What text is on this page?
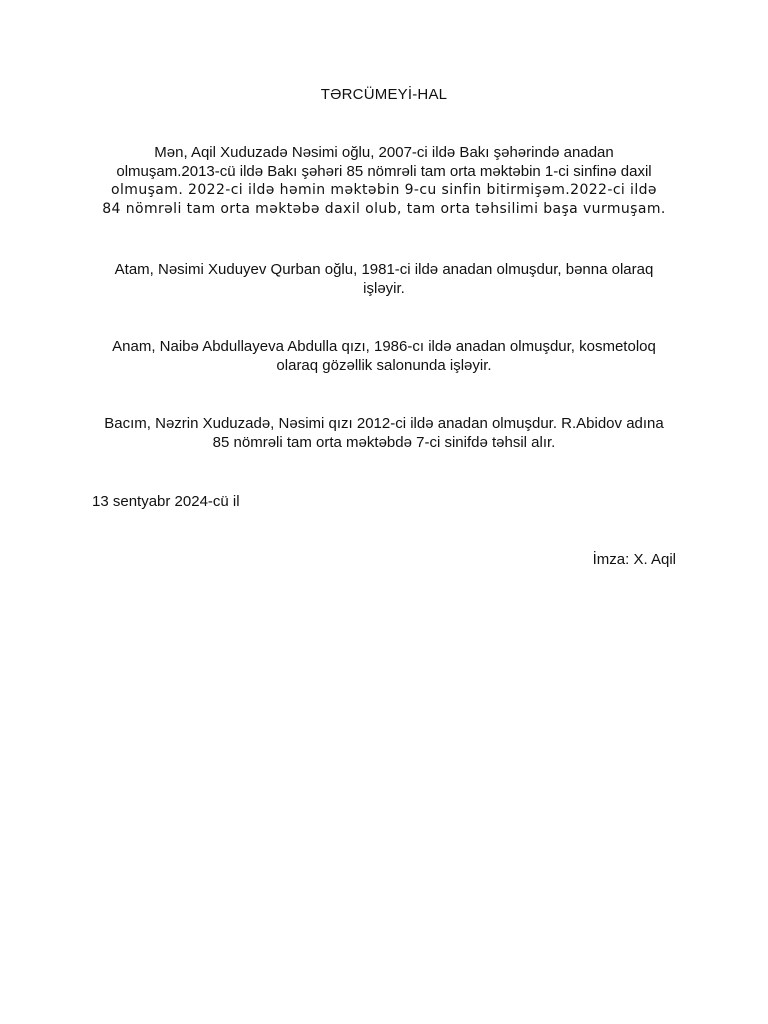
TƏRCÜMEYİ-HAL

Mən, Aqil Xuduzadə Nəsimi oğlu, 2007-ci ildə Bakı şəhərində anadan
olmuşam.2013-cü ildə Bakı şəhəri 85 nömrəli tam orta məktəbin 1-ci sinfinə daxil
olmuşam. 2022-ci ildə həmin məktəbin 9-cu sinfin bitirmişəm.2022-ci ildə
84 nömrəli tam orta məktəbə daxil olub, tam orta təhsilimi başa vurmuşam.

Atam, Nəsimi Xuduyev Qurban oğlu, 1981-ci ildə anadan olmuşdur, bənna olaraq
işləyir.

Anam, Naibə Abdullayeva Abdulla qızı, 1986-cı ildə anadan olmuşdur, kosmetoloq
olaraq gözəllik salonunda işləyir.

Bacım, Nəzrin Xuduzadə, Nəsimi qızı 2012-ci ildə anadan olmuşdur. R.Abidov adına
85 nömrəli tam orta məktəbdə 7-ci sinifdə təhsil alır.

13 sentyabr 2024-cü il
İmza: X. Aqil
